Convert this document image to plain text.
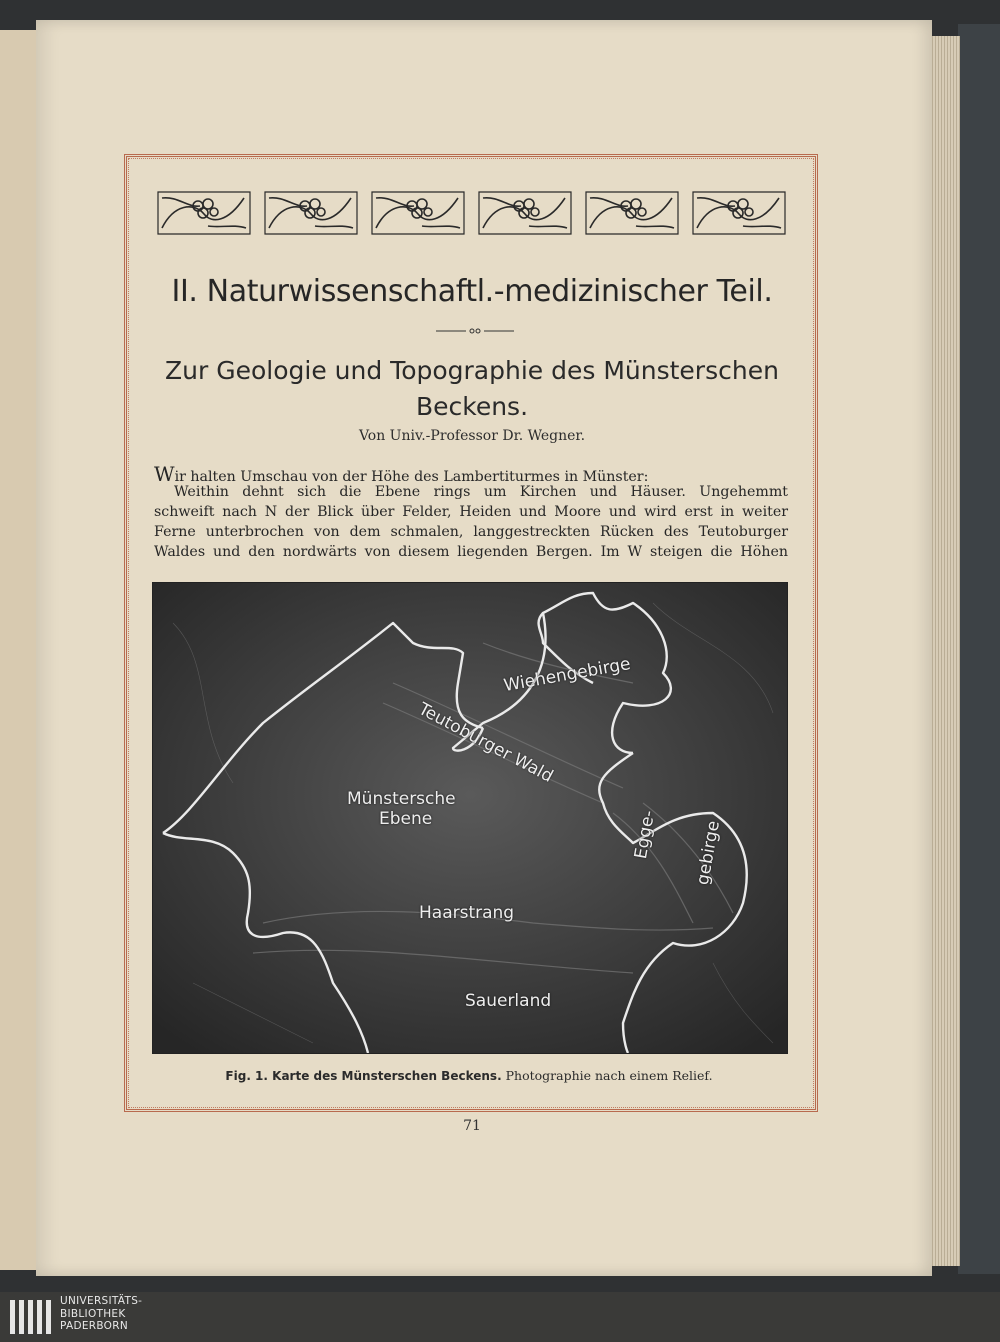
II. Naturwissenschaftl.-medizinischer Teil.
Zur Geologie und Topographie des Münsterschen
Beckens.
Von Univ.-Professor Dr. Wegner.
Wir halten Umschau von der Höhe des Lambertiturmes in Münster:
Weithin dehnt sich die Ebene rings um Kirchen und Häuser. Ungehemmt
schweift nach N der Blick über Felder, Heiden und Moore und wird erst in weiter
Ferne unterbrochen von dem schmalen, langgestreckten Rücken des Teutoburger
Waldes und den nordwärts von diesem liegenden Bergen. Im W steigen die Höhen
Wiehengebirge
Teutoburger Wald
Münstersche
Ebene
Haarstrang
Sauerland
Egge- gebirge
Fig. 1. Karte des Münsterschen Beckens. Photographie nach einem Relief.
71
UNIVERSITÄTS-
BIBLIOTHEK
PADERBORN
